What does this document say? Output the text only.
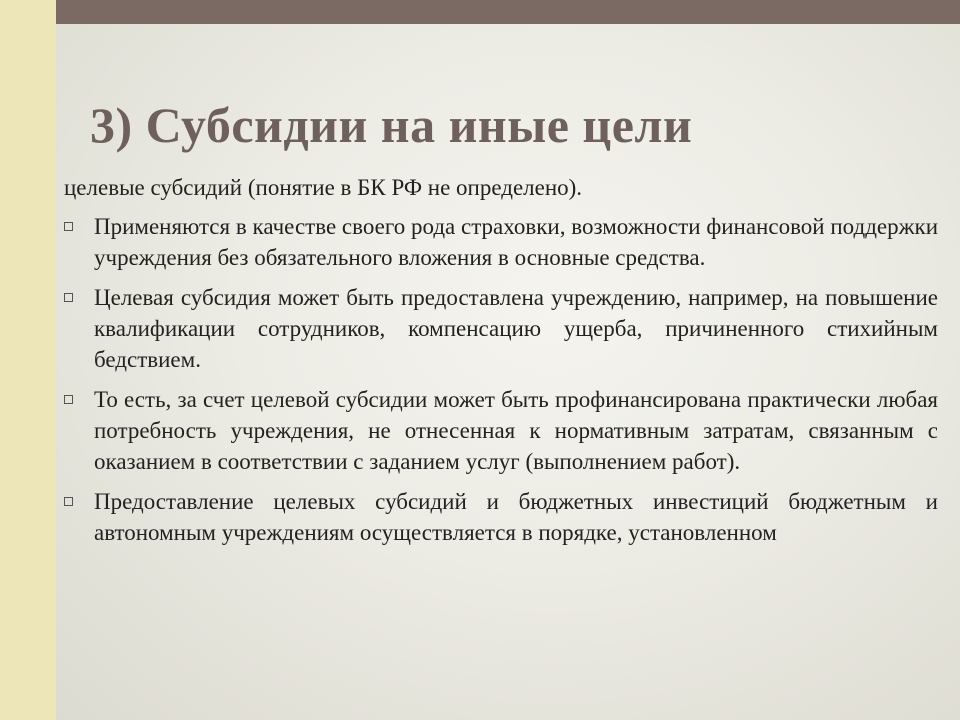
3) Субсидии на иные цели

целевые субсидий (понятие в БК РФ не определено).

Применяются в качестве своего рода страховки, возможности финансовой поддержки учреждения без обязательного вложения в основные средства.
Целевая субсидия может быть предоставлена учреждению, например, на повышение квалификации сотрудников, компенсацию ущерба, причиненного стихийным бедствием.
То есть, за счет целевой субсидии может быть профинансирована практически любая потребность учреждения, не отнесенная к нормативным затратам, связанным с оказанием в соответствии с заданием услуг (выполнением работ).
Предоставление целевых субсидий и бюджетных инвестиций бюджетным и автономным учреждениям осуществляется в порядке, установленном
